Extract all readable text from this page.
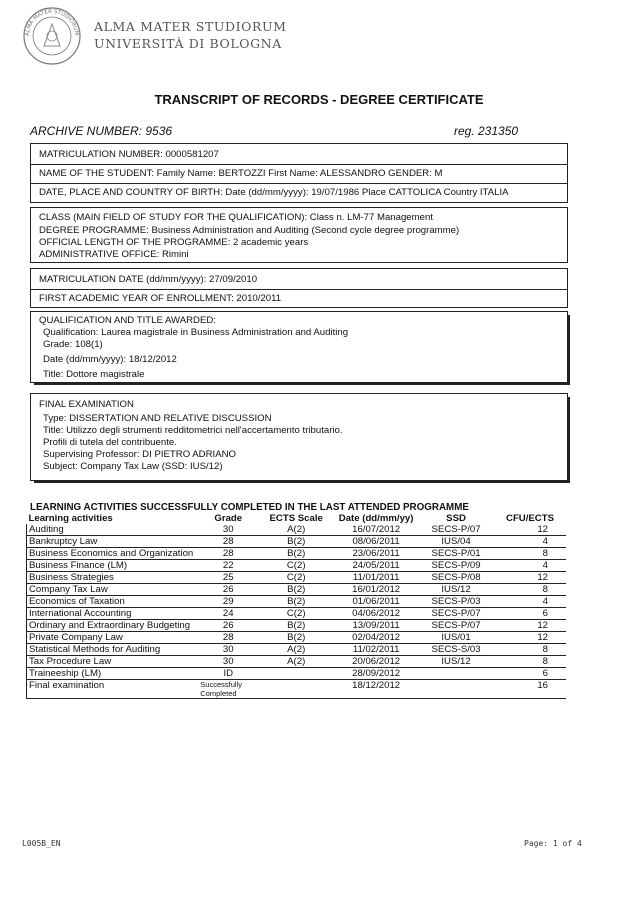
ALMA MATER STUDIORUM ALMA MATER STUDIORUM
UNIVERSITÀ DI BOLOGNA
TRANSCRIPT OF RECORDS - DEGREE CERTIFICATE
ARCHIVE NUMBER: 9536	reg. 231350
MATRICULATION NUMBER: 0000581207
NAME OF THE STUDENT: Family Name: BERTOZZI First Name: ALESSANDRO GENDER: M
DATE, PLACE AND COUNTRY OF BIRTH: Date (dd/mm/yyyy): 19/07/1986 Place CATTOLICA Country ITALIA
CLASS (MAIN FIELD OF STUDY FOR THE QUALIFICATION): Class n. LM-77 Management
DEGREE PROGRAMME: Business Administration and Auditing (Second cycle degree programme)
OFFICIAL LENGTH OF THE PROGRAMME: 2 academic years
ADMINISTRATIVE OFFICE: Rimini
MATRICULATION DATE (dd/mm/yyyy): 27/09/2010
FIRST ACADEMIC YEAR OF ENROLLMENT: 2010/2011
QUALIFICATION AND TITLE AWARDED:
Qualification: Laurea magistrale in Business Administration and Auditing
Grade: 108(1)
Date (dd/mm/yyyy): 18/12/2012
Title: Dottore magistrale
FINAL EXAMINATION
Type: DISSERTATION AND RELATIVE DISCUSSION
Title: Utilizzo degli strumenti redditometrici nell'accertamento tributario.
Profili di tutela del contribuente.
Supervising Professor: DI PIETRO ADRIANO
Subject: Company Tax Law (SSD: IUS/12)
LEARNING ACTIVITIES SUCCESSFULLY COMPLETED IN THE LAST ATTENDED PROGRAMME
Learning activities	Grade	ECTS Scale	Date (dd/mm/yy)	SSD	CFU/ECTS
Auditing	30	A(2)	16/07/2012	SECS-P/07	12
Bankruptcy Law	28	B(2)	08/06/2011	IUS/04	4
Business Economics and Organization	28	B(2)	23/06/2011	SECS-P/01	8
Business Finance (LM)	22	C(2)	24/05/2011	SECS-P/09	4
Business Strategies	25	C(2)	11/01/2011	SECS-P/08	12
Company Tax Law	26	B(2)	16/01/2012	IUS/12	8
Economics of Taxation	29	B(2)	01/06/2011	SECS-P/03	4
International Accounting	24	C(2)	04/06/2012	SECS-P/07	6
Ordinary and Extraordinary Budgeting	26	B(2)	13/09/2011	SECS-P/07	12
Private Company Law	28	B(2)	02/04/2012	IUS/01	12
Statistical Methods for Auditing	30	A(2)	11/02/2011	SECS-S/03	8
Tax Procedure Law	30	A(2)	20/06/2012	IUS/12	8
Traineeship (LM)	ID		28/09/2012		6
Final examination	Successfully Completed		18/12/2012		16
L005B_EN	Page: 1 of 4
